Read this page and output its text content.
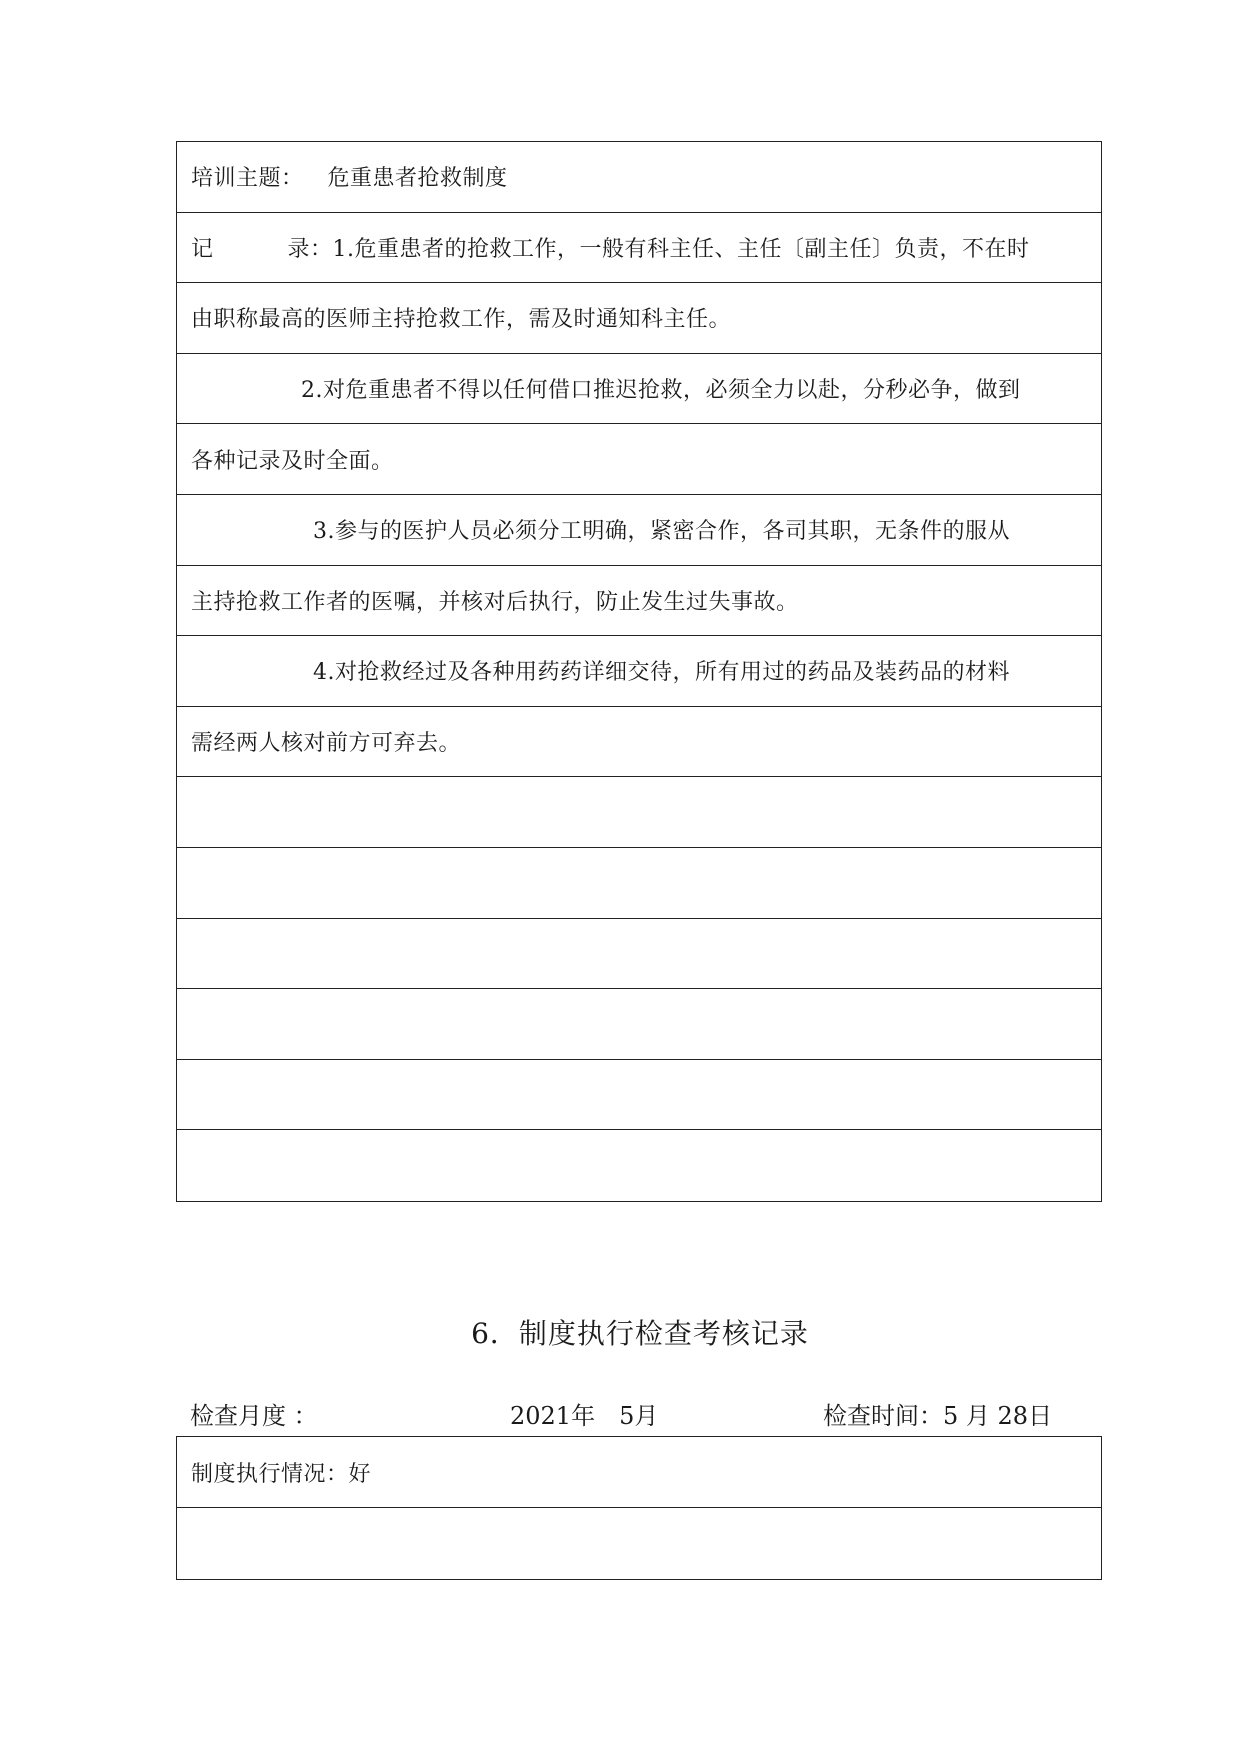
培训主题： 危重患者抢救制度
记	录：1.危重患者的抢救工作，一般有科主任、主任〔副主任〕负责，不在时
由职称最高的医师主持抢救工作，需及时通知科主任。
2.对危重患者不得以任何借口推迟抢救，必须全力以赴，分秒必争，做到
各种记录及时全面。
3.参与的医护人员必须分工明确，紧密合作，各司其职，无条件的服从
主持抢救工作者的医嘱，并核对后执行，防止发生过失事故。
4.对抢救经过及各种用药药详细交待，所有用过的药品及装药品的材料
需经两人核对前方可弃去。
6．制度执行检查考核记录
检查月度 ：	2021年　5月	检查时间：5 月 28日
制度执行情况：好
